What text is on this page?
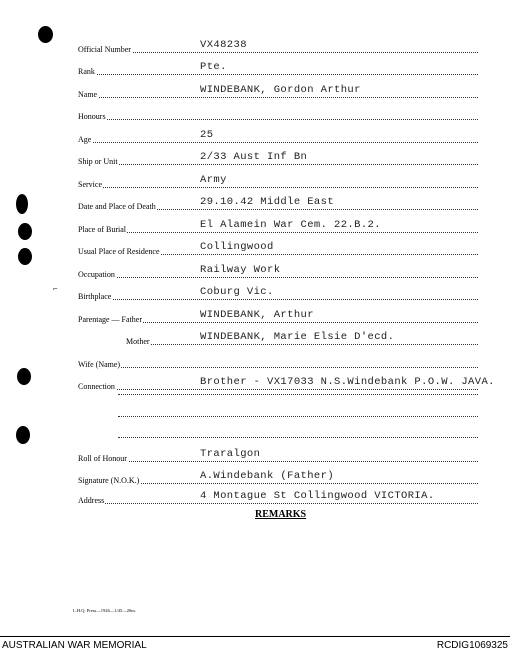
⌐
Official Number	VX48238
Rank	Pte.
Name	WINDEBANK, Gordon Arthur
Honours
Age	25
Ship or Unit	2/33 Aust Inf Bn
Service	Army
Date and Place of Death	29.10.42 Middle East
Place of Burial	El Alamein War Cem. 22.B.2.
Usual Place of Residence	Collingwood
Occupation	Railway Work
Birthplace	Coburg Vic.
Parentage — Father	WINDEBANK, Arthur
Mother	WINDEBANK, Marie Elsie D'ecd.
Wife (Name)
Connection	Brother - VX17033 N.S.Windebank P.O.W. JAVA.
Roll of Honour	Traralgon
Signature (N.O.K.)	A.Windebank (Father)
Address	4 Montague St Collingwood VICTORIA.
REMARKS
L.H.Q. Press—1926—1/45—20m.
AUSTRALIAN WAR MEMORIAL	RCDIG1069325
